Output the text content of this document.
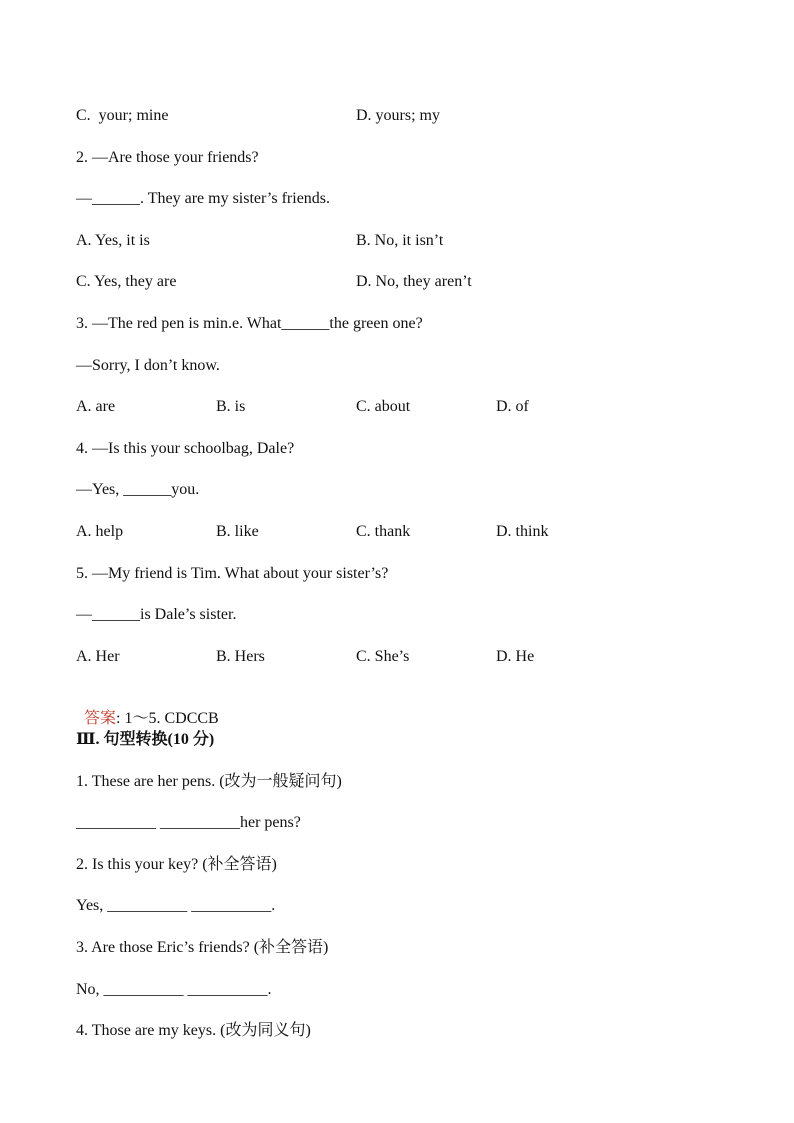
C.  your; mine	D. yours; my
2. —Are those your friends?
—______. They are my sister’s friends.
A. Yes, it is	B. No, it isn’t
C. Yes, they are	D. No, they aren’t
3. —The red pen is min.e. What______the green one?
—Sorry, I don’t know.
A. are	B. is	C. about	D. of
4. —Is this your schoolbag, Dale?
—Yes, ______you.
A. help	B. like	C. thank	D. think
5. —My friend is Tim. What about your sister’s?
—______is Dale’s sister.
A. Her	B. Hers	C. She’s	D. He

答案: 1～5. CDCCB

Ⅲ. 句型转换(10 分)
1. These are her pens. (改为一般疑问句)
__________ __________her pens?
2. Is this your key? (补全答语)
Yes, __________ __________.
3. Are those Eric’s friends? (补全答语)
No, __________ __________.
4. Those are my keys. (改为同义句)
